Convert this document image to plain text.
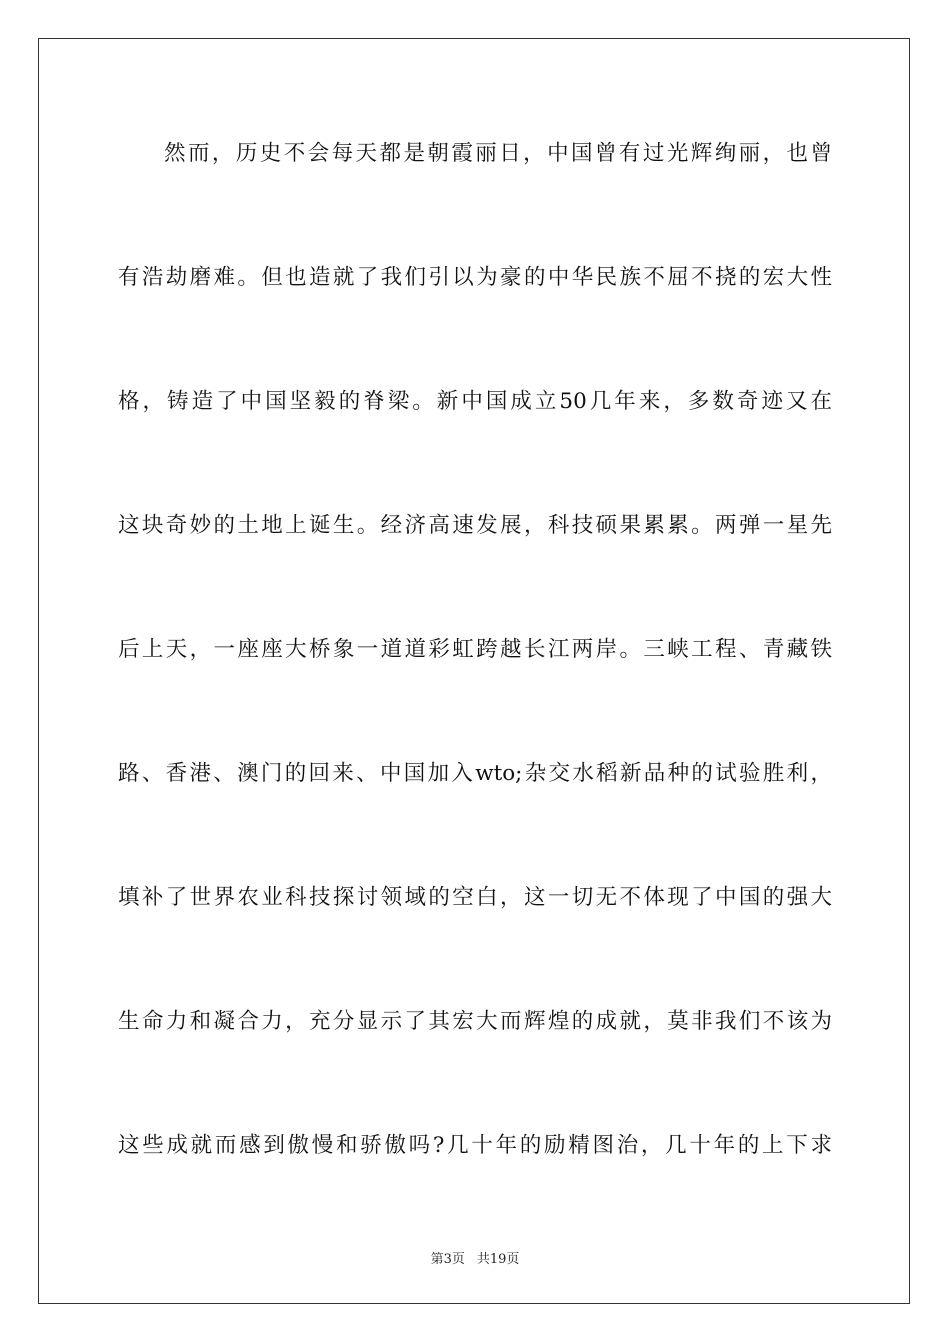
然而，历史不会每天都是朝霞丽日，中国曾有过光辉绚丽，也曾
有浩劫磨难。但也造就了我们引以为豪的中华民族不屈不挠的宏大性
格，铸造了中国坚毅的脊梁。新中国成立50几年来，多数奇迹又在
这块奇妙的土地上诞生。经济高速发展，科技硕果累累。两弹一星先
后上天，一座座大桥象一道道彩虹跨越长江两岸。三峡工程、青藏铁
路、香港、澳门的回来、中国加入wto;杂交水稻新品种的试验胜利，
填补了世界农业科技探讨领域的空白，这一切无不体现了中国的强大
生命力和凝合力，充分显示了其宏大而辉煌的成就，莫非我们不该为
这些成就而感到傲慢和骄傲吗?几十年的励精图治，几十年的上下求
第3页 共19页
